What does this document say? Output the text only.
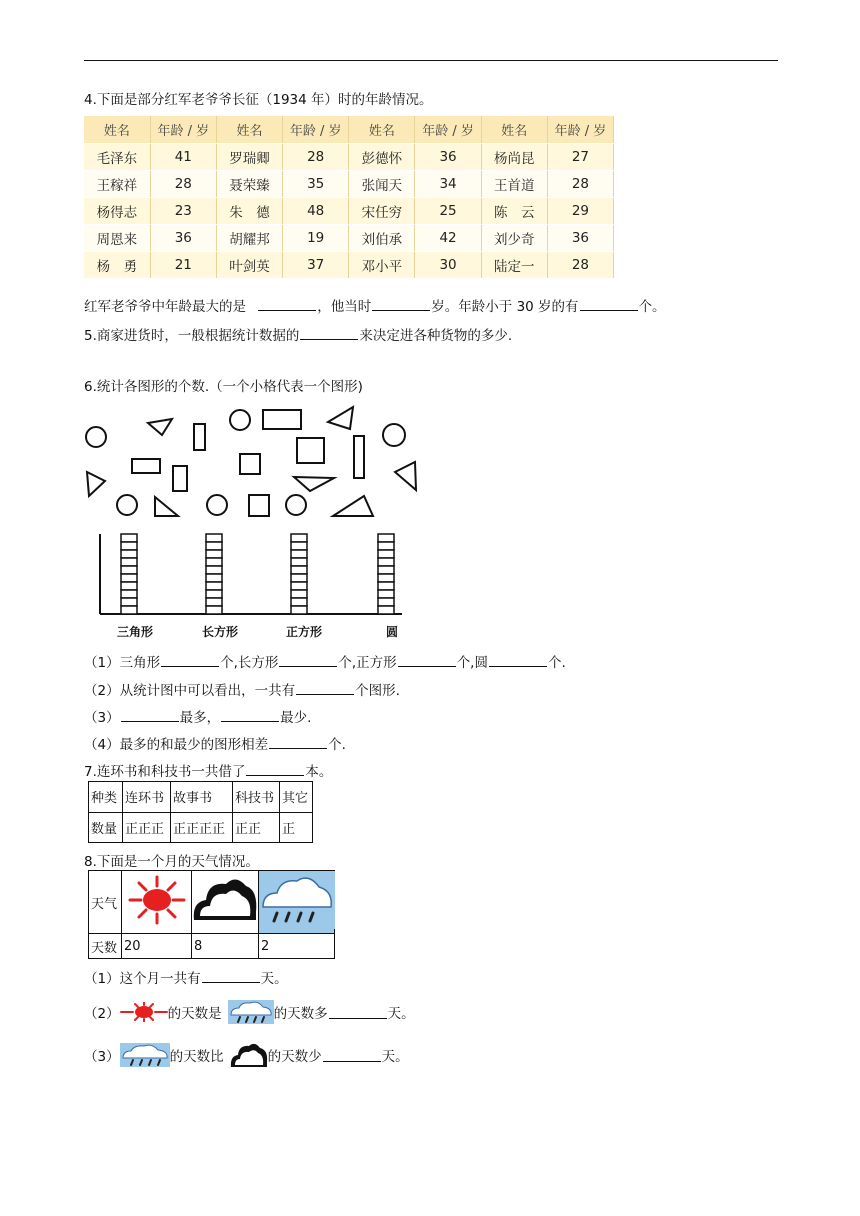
4.下面是部分红军老爷爷长征（1934 年）时的年龄情况。
姓名	年龄 / 岁	姓名	年龄 / 岁	姓名	年龄 / 岁	姓名	年龄 / 岁
毛泽东	41	罗瑞卿	28	彭德怀	36	杨尚昆	27
王稼祥	28	聂荣臻	35	张闻天	34	王首道	28
杨得志	23	朱　德	48	宋任穷	25	陈　云	29
周恩来	36	胡耀邦	19	刘伯承	42	刘少奇	36
杨　勇	21	叶剑英	37	邓小平	30	陆定一	28
红军老爷爷中年龄最大的是	，他当时	岁。年龄小于 30 岁的有	个。
5.商家进货时，一般根据统计数据的	来决定进各种货物的多少.
6.统计各图形的个数.（一个小格代表一个图形)
三角形	长方形	正方形	圆
（1）三角形	个,长方形	个,正方形	个,圆	个.
（2）从统计图中可以看出，一共有	个图形.
（3）	最多，	最少.
（4）最多的和最少的图形相差	个.
7.连环书和科技书一共借了	本。
种类	连环书	故事书	科技书	其它
数量	正正正	正正正正	正正	正
8.下面是一个月的天气情况。
天气			
天数	20	8	2
（1）这个月一共有	天。
（2）	的天数是	的天数多	天。
（3）	的天数比	的天数少	天。
